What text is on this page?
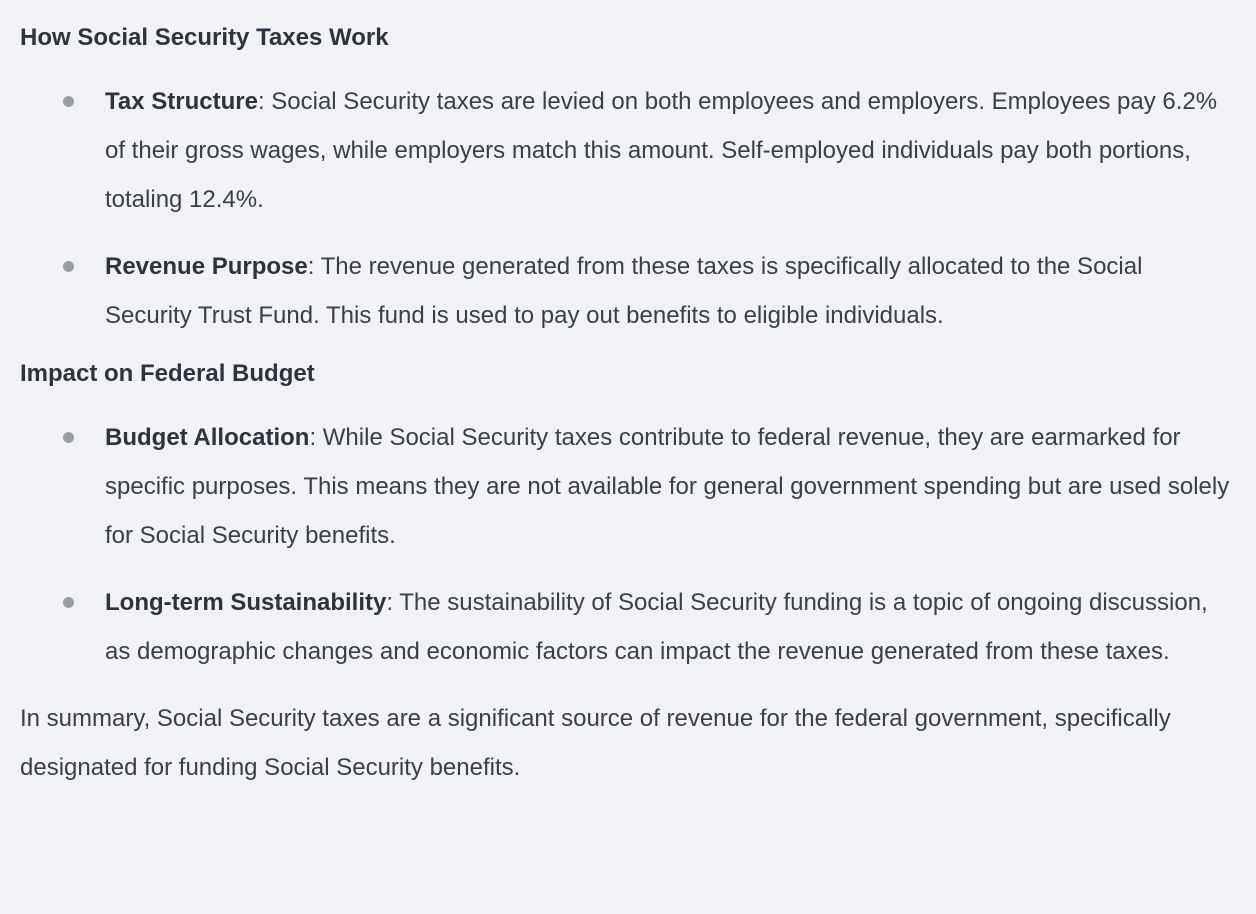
How Social Security Taxes Work
Tax Structure: Social Security taxes are levied on both employees and employers. Employees pay 6.2% of their gross wages, while employers match this amount. Self-employed individuals pay both portions, totaling 12.4%.
Revenue Purpose: The revenue generated from these taxes is specifically allocated to the Social Security Trust Fund. This fund is used to pay out benefits to eligible individuals.
Impact on Federal Budget
Budget Allocation: While Social Security taxes contribute to federal revenue, they are earmarked for specific purposes. This means they are not available for general government spending but are used solely for Social Security benefits.
Long-term Sustainability: The sustainability of Social Security funding is a topic of ongoing discussion, as demographic changes and economic factors can impact the revenue generated from these taxes.

In summary, Social Security taxes are a significant source of revenue for the federal government, specifically designated for funding Social Security benefits.
